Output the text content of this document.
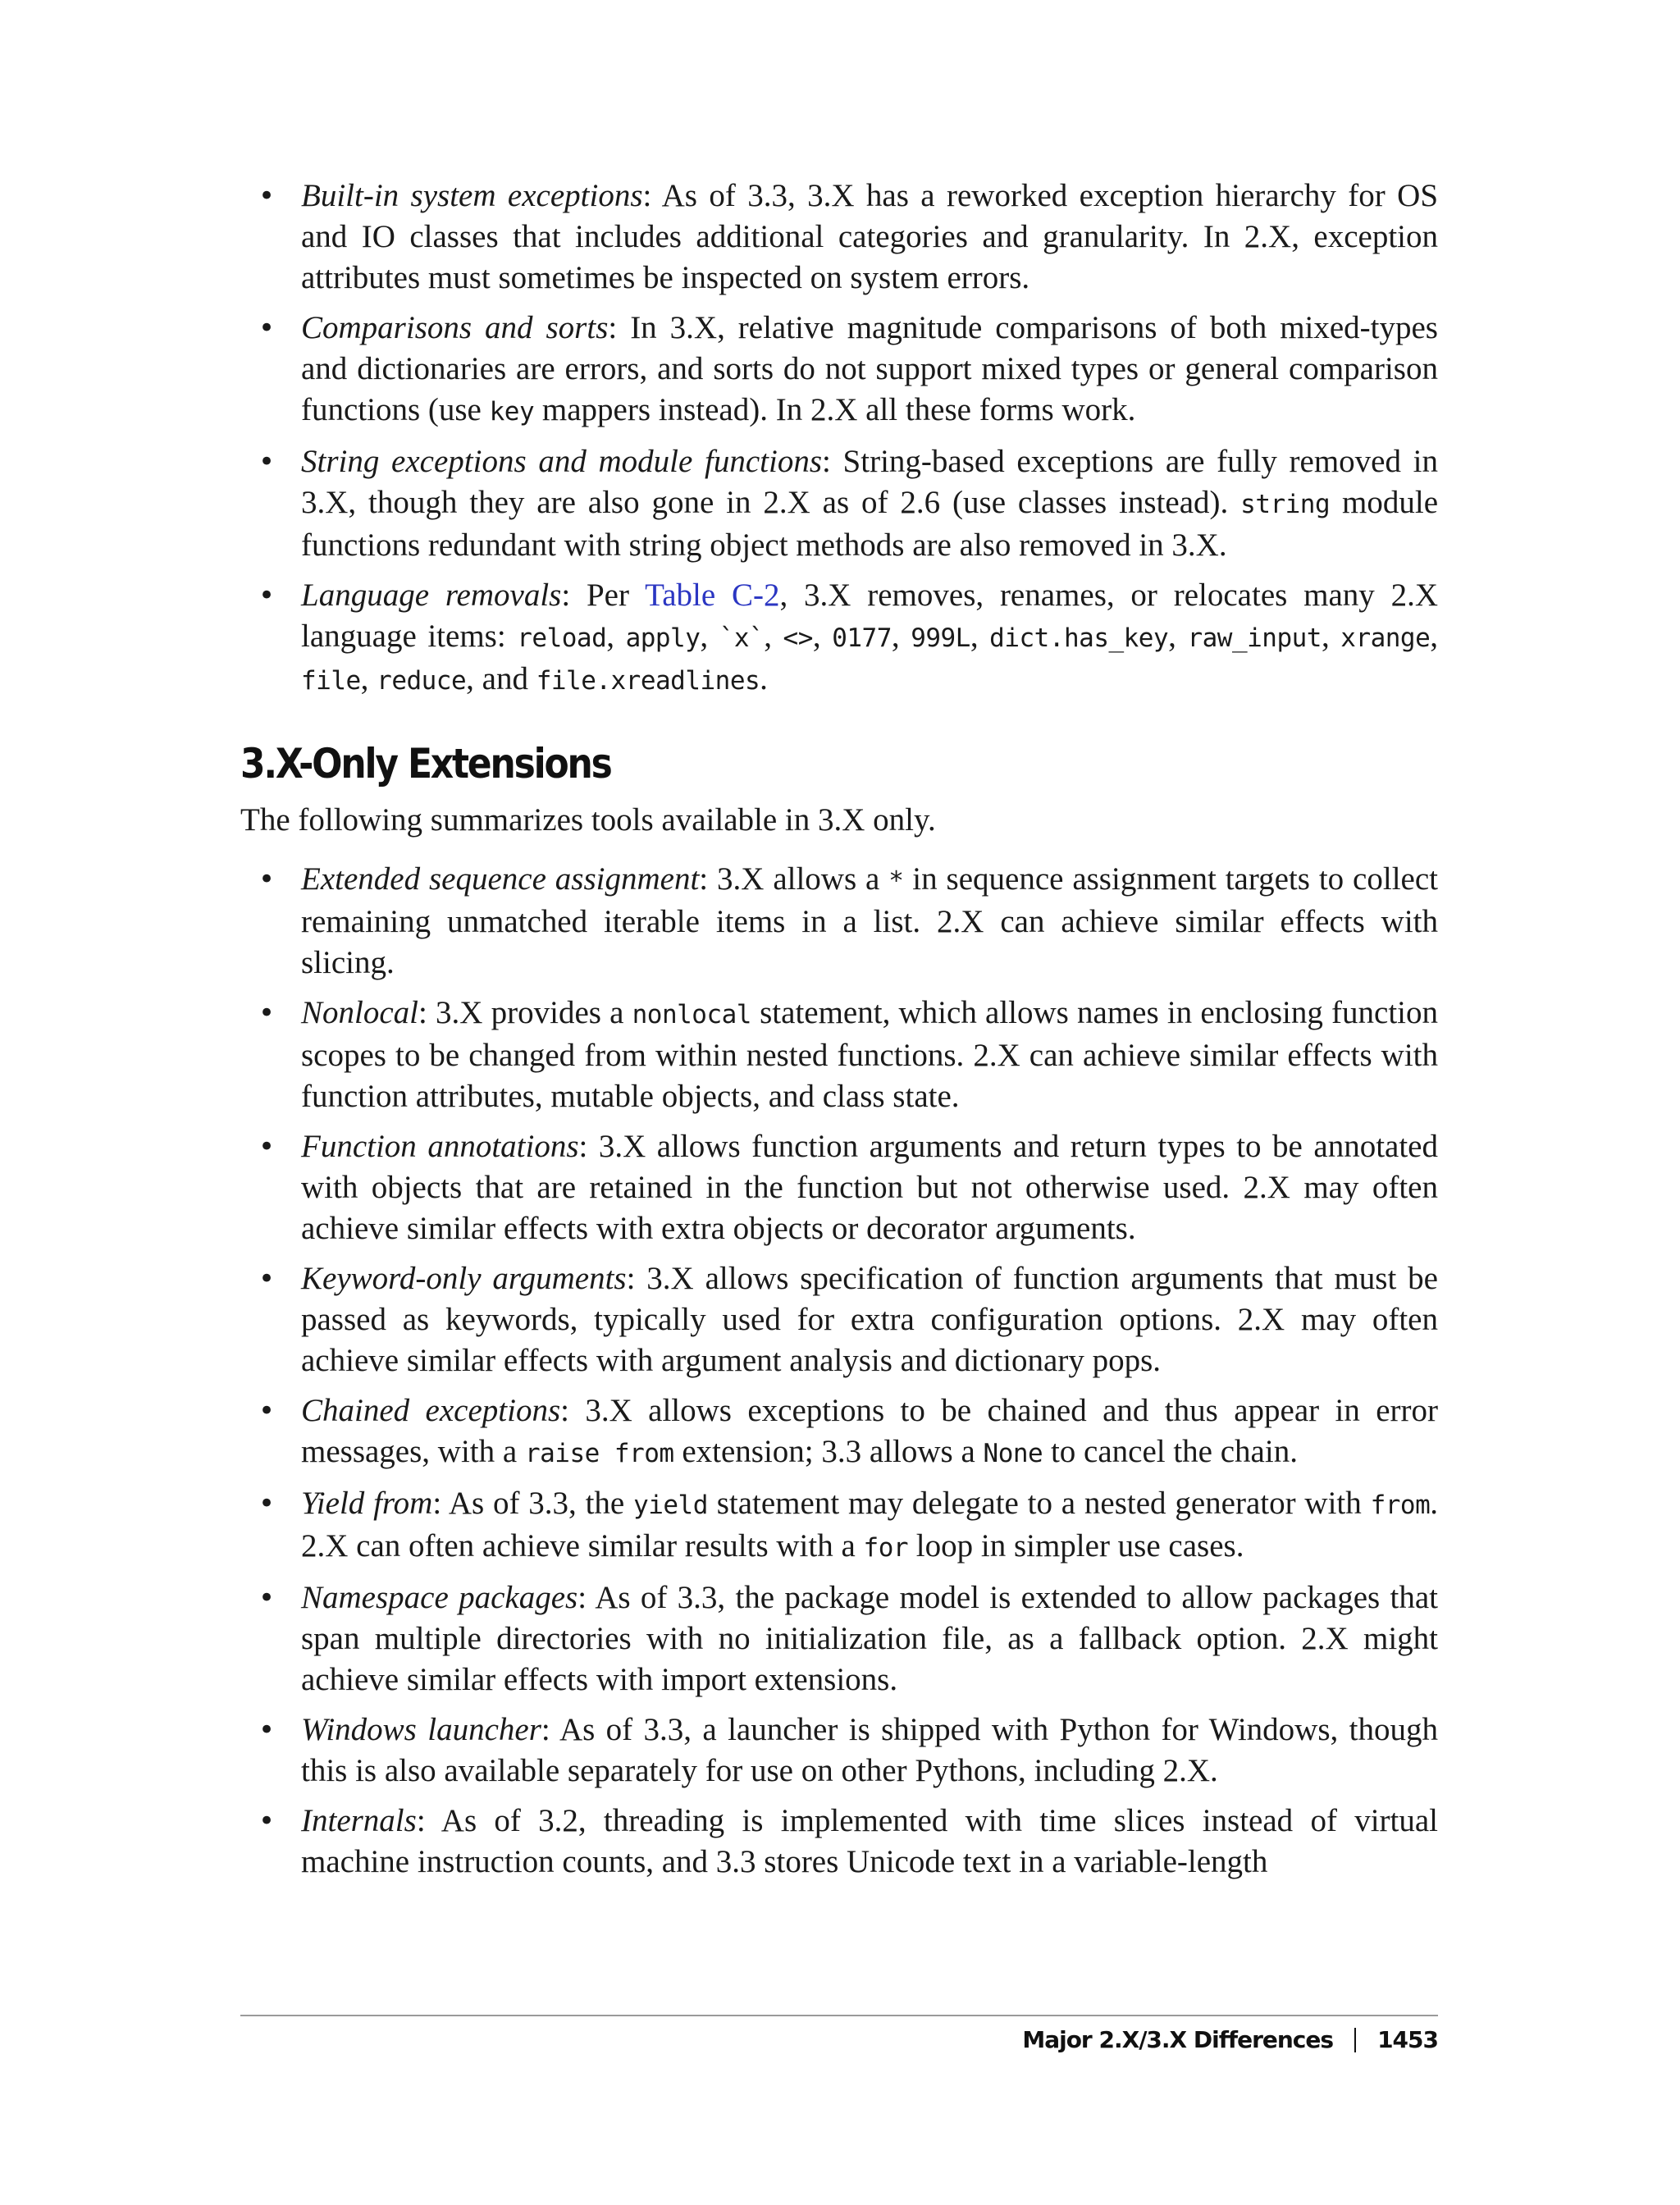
• Built-in system exceptions: As of 3.3, 3.X has a reworked exception hierarchy for OS and IO classes that includes additional categories and granularity. In 2.X, exception attributes must sometimes be inspected on system errors.
• Comparisons and sorts: In 3.X, relative magnitude comparisons of both mixed-types and dictionaries are errors, and sorts do not support mixed types or general comparison functions (use key mappers instead). In 2.X all these forms work.
• String exceptions and module functions: String-based exceptions are fully removed in 3.X, though they are also gone in 2.X as of 2.6 (use classes instead). string module functions redundant with string object methods are also removed in 3.X.
• Language removals: Per Table C-2, 3.X removes, renames, or relocates many 2.X language items: reload, apply, `x`, <>, 0177, 999L, dict.has_key, raw_input, xrange, file, reduce, and file.xreadlines.
3.X-Only Extensions

The following summarizes tools available in 3.X only.

• Extended sequence assignment: 3.X allows a * in sequence assignment targets to collect remaining unmatched iterable items in a list. 2.X can achieve similar effects with slicing.
• Nonlocal: 3.X provides a nonlocal statement, which allows names in enclosing function scopes to be changed from within nested functions. 2.X can achieve similar effects with function attributes, mutable objects, and class state.
• Function annotations: 3.X allows function arguments and return types to be annotated with objects that are retained in the function but not otherwise used. 2.X may often achieve similar effects with extra objects or decorator arguments.
• Keyword-only arguments: 3.X allows specification of function arguments that must be passed as keywords, typically used for extra configuration options. 2.X may often achieve similar effects with argument analysis and dictionary pops.
• Chained exceptions: 3.X allows exceptions to be chained and thus appear in error messages, with a raise from extension; 3.3 allows a None to cancel the chain.
• Yield from: As of 3.3, the yield statement may delegate to a nested generator with from. 2.X can often achieve similar results with a for loop in simpler use cases.
• Namespace packages: As of 3.3, the package model is extended to allow packages that span multiple directories with no initialization file, as a fallback option. 2.X might achieve similar effects with import extensions.
• Windows launcher: As of 3.3, a launcher is shipped with Python for Windows, though this is also available separately for use on other Pythons, including 2.X.
• Internals: As of 3.2, threading is implemented with time slices instead of virtual machine instruction counts, and 3.3 stores Unicode text in a variable-length
Major 2.X/3.X Differences 1453
